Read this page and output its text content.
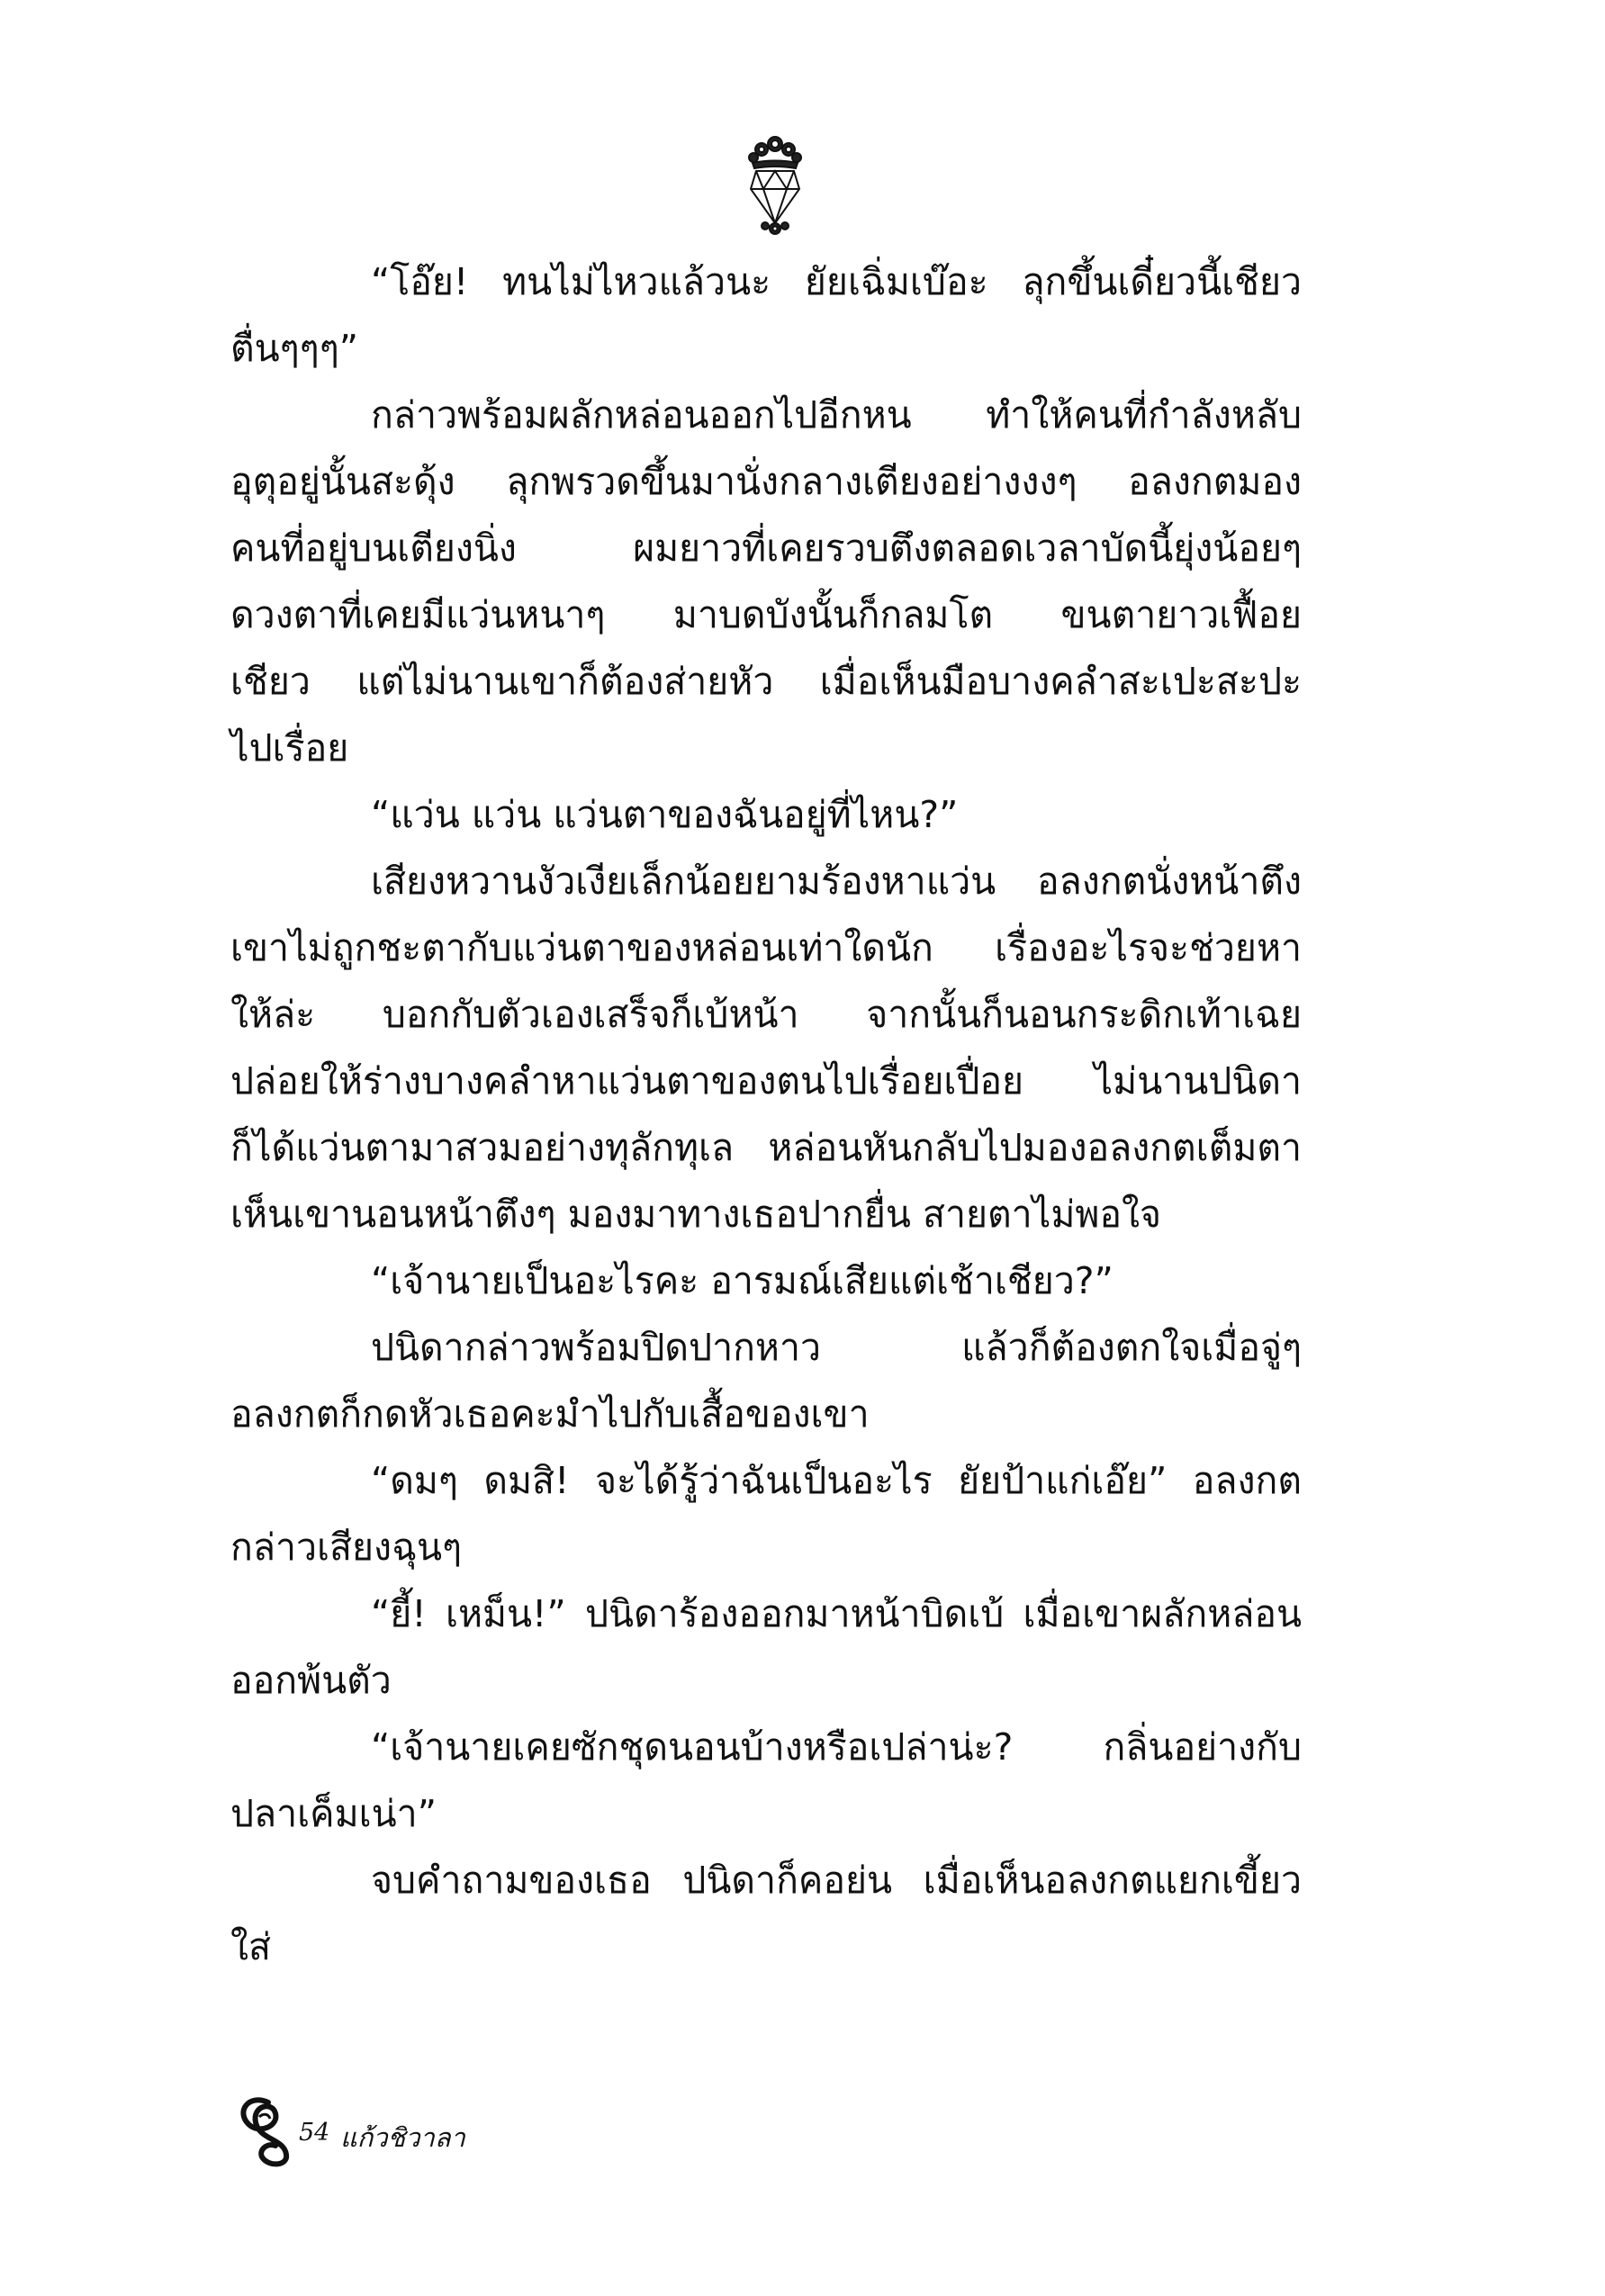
“โอ๊ย! ทนไม่ไหวแล้วนะ ยัยเฉิ่มเบ๊อะ ลุกขึ้นเดี๋ยวนี้เชียว
ตื่นๆๆๆ”
กล่าวพร้อมผลักหล่อนออกไปอีกหน ทำให้คนที่กำลังหลับ
อุตุอยู่นั้นสะดุ้ง ลุกพรวดขึ้นมานั่งกลางเตียงอย่างงงๆ อลงกตมอง
คนที่อยู่บนเตียงนิ่ง ผมยาวที่เคยรวบตึงตลอดเวลาบัดนี้ยุ่งน้อยๆ
ดวงตาที่เคยมีแว่นหนาๆ มาบดบังนั้นก็กลมโต ขนตายาวเฟื้อย
เชียว แต่ไม่นานเขาก็ต้องส่ายหัว เมื่อเห็นมือบางคลำสะเปะสะปะ
ไปเรื่อย
“แว่น แว่น แว่นตาของฉันอยู่ที่ไหน?”
เสียงหวานงัวเงียเล็กน้อยยามร้องหาแว่น อลงกตนั่งหน้าตึง
เขาไม่ถูกชะตากับแว่นตาของหล่อนเท่าใดนัก เรื่องอะไรจะช่วยหา
ให้ล่ะ บอกกับตัวเองเสร็จก็เบ้หน้า จากนั้นก็นอนกระดิกเท้าเฉย
ปล่อยให้ร่างบางคลำหาแว่นตาของตนไปเรื่อยเปื่อย ไม่นานปนิดา
ก็ได้แว่นตามาสวมอย่างทุลักทุเล หล่อนหันกลับไปมองอลงกตเต็มตา
เห็นเขานอนหน้าตึงๆ มองมาทางเธอปากยื่น สายตาไม่พอใจ
“เจ้านายเป็นอะไรคะ อารมณ์เสียแต่เช้าเชียว?”
ปนิดากล่าวพร้อมปิดปากหาว แล้วก็ต้องตกใจเมื่อจู่ๆ
อลงกตก็กดหัวเธอคะมำไปกับเสื้อของเขา
“ดมๆ ดมสิ! จะได้รู้ว่าฉันเป็นอะไร ยัยป้าแก่เอ๊ย” อลงกต
กล่าวเสียงฉุนๆ
“ยี้! เหม็น!” ปนิดาร้องออกมาหน้าบิดเบ้ เมื่อเขาผลักหล่อน
ออกพ้นตัว
“เจ้านายเคยซักชุดนอนบ้างหรือเปล่าน่ะ? กลิ่นอย่างกับ
ปลาเค็มเน่า”
จบคำถามของเธอ ปนิดาก็คอย่น เมื่อเห็นอลงกตแยกเขี้ยว
ใส่
54 แก้วชิวาลา
